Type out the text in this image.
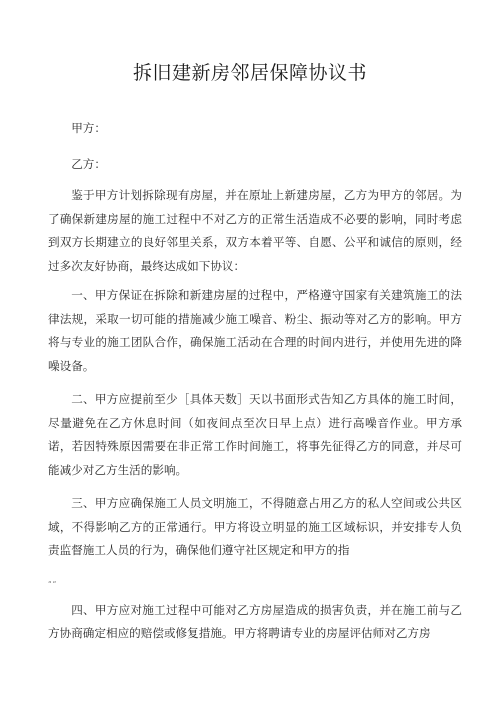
拆旧建新房邻居保障协议书

甲方：

乙方：

鉴于甲方计划拆除现有房屋，并在原址上新建房屋，乙方为甲方的邻居。为了确保新建房屋的施工过程中不对乙方的正常生活造成不必要的影响，同时考虑到双方长期建立的良好邻里关系，双方本着平等、自愿、公平和诚信的原则，经过多次友好协商，最终达成如下协议：

一、甲方保证在拆除和新建房屋的过程中，严格遵守国家有关建筑施工的法律法规，采取一切可能的措施减少施工噪音、粉尘、振动等对乙方的影响。甲方将与专业的施工团队合作，确保施工活动在合理的时间内进行，并使用先进的降噪设备。

二、甲方应提前至少［具体天数］天以书面形式告知乙方具体的施工时间，尽量避免在乙方休息时间（如夜间点至次日早上点）进行高噪音作业。甲方承诺，若因特殊原因需要在非正常工作时间施工，将事先征得乙方的同意，并尽可能减少对乙方生活的影响。

三、甲方应确保施工人员文明施工，不得随意占用乙方的私人空间或公共区域，不得影响乙方的正常通行。甲方将设立明显的施工区域标识，并安排专人负责监督施工人员的行为，确保他们遵守社区规定和甲方的指

„„

四、甲方应对施工过程中可能对乙方房屋造成的损害负责，并在施工前与乙方协商确定相应的赔偿或修复措施。甲方将聘请专业的房屋评估师对乙方房
